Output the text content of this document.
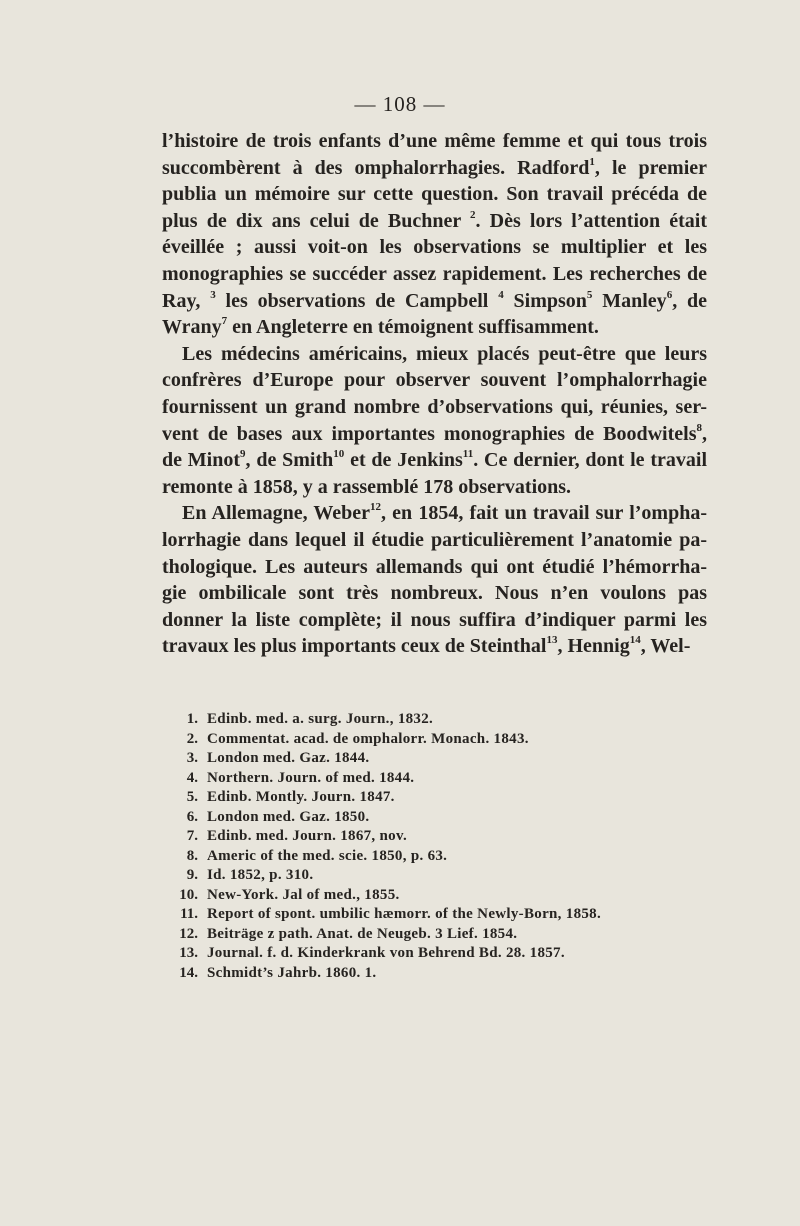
— 108 —
l’histoire de trois enfants d’une même femme et qui tous trois
succombèrent à des omphalorrhagies. Radford$^1$, le premier
publia un mémoire sur cette question. Son travail précéda de
plus de dix ans celui de Buchner $^2$. Dès lors l’attention était
éveillée ; aussi voit-on les observations se multiplier et les
monographies se succéder assez rapidement. Les recherches de
Ray, $^3$ les observations de Campbell $^4$ Simpson$^5$ Manley$^6$, de
Wrany$^7$ en Angleterre en témoignent suffisamment.
Les médecins américains, mieux placés peut-être que leurs
confrères d’Europe pour observer souvent l’omphalorrhagie
fournissent un grand nombre d’observations qui, réunies, ser-
vent de bases aux importantes monographies de Boodwitels$^8$,
de Minot$^9$, de Smith$^{10}$ et de Jenkins$^{11}$. Ce dernier, dont le travail
remonte à 1858, y a rassemblé 178 observations.
En Allemagne, Weber$^{12}$, en 1854, fait un travail sur l’ompha-
lorrhagie dans lequel il étudie particulièrement l’anatomie pa-
thologique. Les auteurs allemands qui ont étudié l’hémorrha-
gie ombilicale sont très nombreux. Nous n’en voulons pas
donner la liste complète; il nous suffira d’indiquer parmi les
travaux les plus importants ceux de Steinthal$^{13}$, Hennig$^{14}$, Wel-
1. Edinb. med. a. surg. Journ., 1832.
2. Commentat. acad. de omphalorr. Monach. 1843.
3. London med. Gaz. 1844.
4. Northern. Journ. of med. 1844.
5. Edinb. Montly. Journ. 1847.
6. London med. Gaz. 1850.
7. Edinb. med. Journ. 1867, nov.
8. Americ of the med. scie. 1850, p. 63.
9. Id. 1852, p. 310.
10. New-York. Jal of med., 1855.
11. Report of spont. umbilic hæmorr. of the Newly-Born, 1858.
12. Beiträge z path. Anat. de Neugeb. 3 Lief. 1854.
13. Journal. f. d. Kinderkrank von Behrend Bd. 28. 1857.
14. Schmidt’s Jahrb. 1860. 1.
